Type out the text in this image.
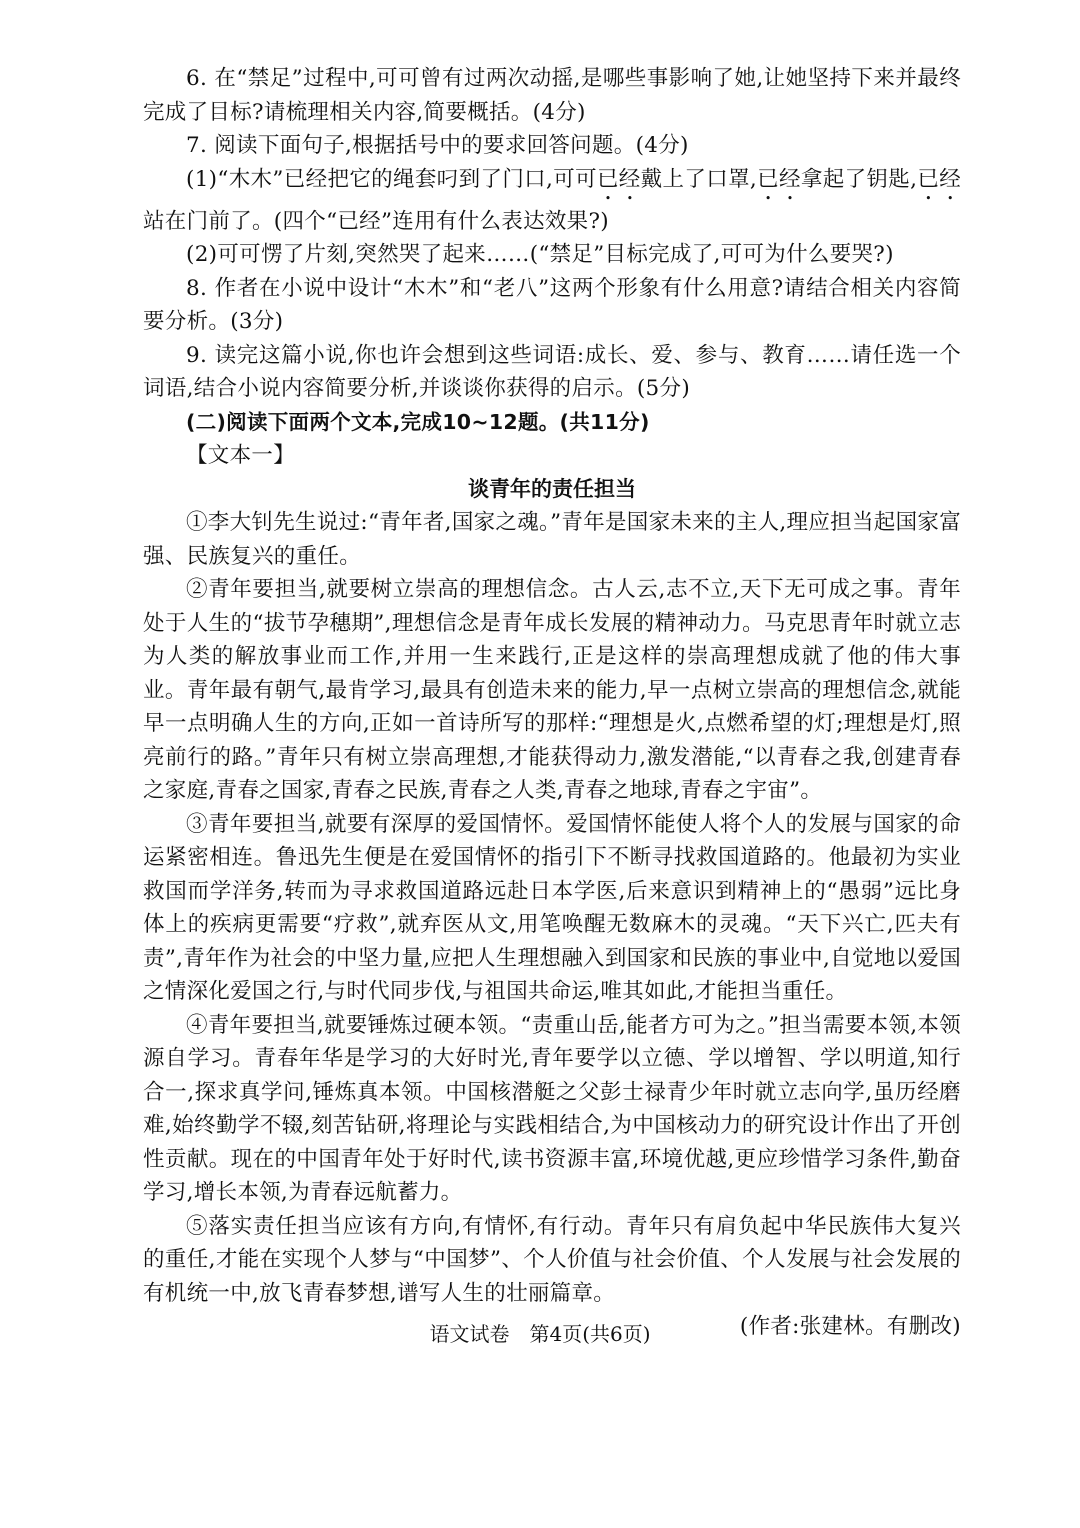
6. 在“禁足”过程中,可可曾有过两次动摇,是哪些事影响了她,让她坚持下来并最终完成了目标?请梳理相关内容,简要概括。(4分)

7. 阅读下面句子,根据括号中的要求回答问题。(4分)

(1)“木木”已经把它的绳套叼到了门口,可可已经戴上了口罩,已经拿起了钥匙,已经站在门前了。(四个“已经”连用有什么表达效果?)

(2)可可愣了片刻,突然哭了起来……(“禁足”目标完成了,可可为什么要哭?)

8. 作者在小说中设计“木木”和“老八”这两个形象有什么用意?请结合相关内容简要分析。(3分)

9. 读完这篇小说,你也许会想到这些词语:成长、爱、参与、教育……请任选一个词语,结合小说内容简要分析,并谈谈你获得的启示。(5分)

(二)阅读下面两个文本,完成10~12题。(共11分)

【文本一】

谈青年的责任担当

①李大钊先生说过:“青年者,国家之魂。”青年是国家未来的主人,理应担当起国家富强、民族复兴的重任。

②青年要担当,就要树立崇高的理想信念。古人云,志不立,天下无可成之事。青年处于人生的“拔节孕穗期”,理想信念是青年成长发展的精神动力。马克思青年时就立志为人类的解放事业而工作,并用一生来践行,正是这样的崇高理想成就了他的伟大事业。青年最有朝气,最肯学习,最具有创造未来的能力,早一点树立崇高的理想信念,就能早一点明确人生的方向,正如一首诗所写的那样:“理想是火,点燃希望的灯;理想是灯,照亮前行的路。”青年只有树立崇高理想,才能获得动力,激发潜能,“以青春之我,创建青春之家庭,青春之国家,青春之民族,青春之人类,青春之地球,青春之宇宙”。

③青年要担当,就要有深厚的爱国情怀。爱国情怀能使人将个人的发展与国家的命运紧密相连。鲁迅先生便是在爱国情怀的指引下不断寻找救国道路的。他最初为实业救国而学洋务,转而为寻求救国道路远赴日本学医,后来意识到精神上的“愚弱”远比身体上的疾病更需要“疗救”,就弃医从文,用笔唤醒无数麻木的灵魂。“天下兴亡,匹夫有责”,青年作为社会的中坚力量,应把人生理想融入到国家和民族的事业中,自觉地以爱国之情深化爱国之行,与时代同步伐,与祖国共命运,唯其如此,才能担当重任。

④青年要担当,就要锤炼过硬本领。“责重山岳,能者方可为之。”担当需要本领,本领源自学习。青春年华是学习的大好时光,青年要学以立德、学以增智、学以明道,知行合一,探求真学问,锤炼真本领。中国核潜艇之父彭士禄青少年时就立志向学,虽历经磨难,始终勤学不辍,刻苦钻研,将理论与实践相结合,为中国核动力的研究设计作出了开创性贡献。现在的中国青年处于好时代,读书资源丰富,环境优越,更应珍惜学习条件,勤奋学习,增长本领,为青春远航蓄力。

⑤落实责任担当应该有方向,有情怀,有行动。青年只有肩负起中华民族伟大复兴的重任,才能在实现个人梦与“中国梦”、个人价值与社会价值、个人发展与社会发展的有机统一中,放飞青春梦想,谱写人生的壮丽篇章。

(作者:张建林。有删改)

语文试卷　第4页(共6页)
